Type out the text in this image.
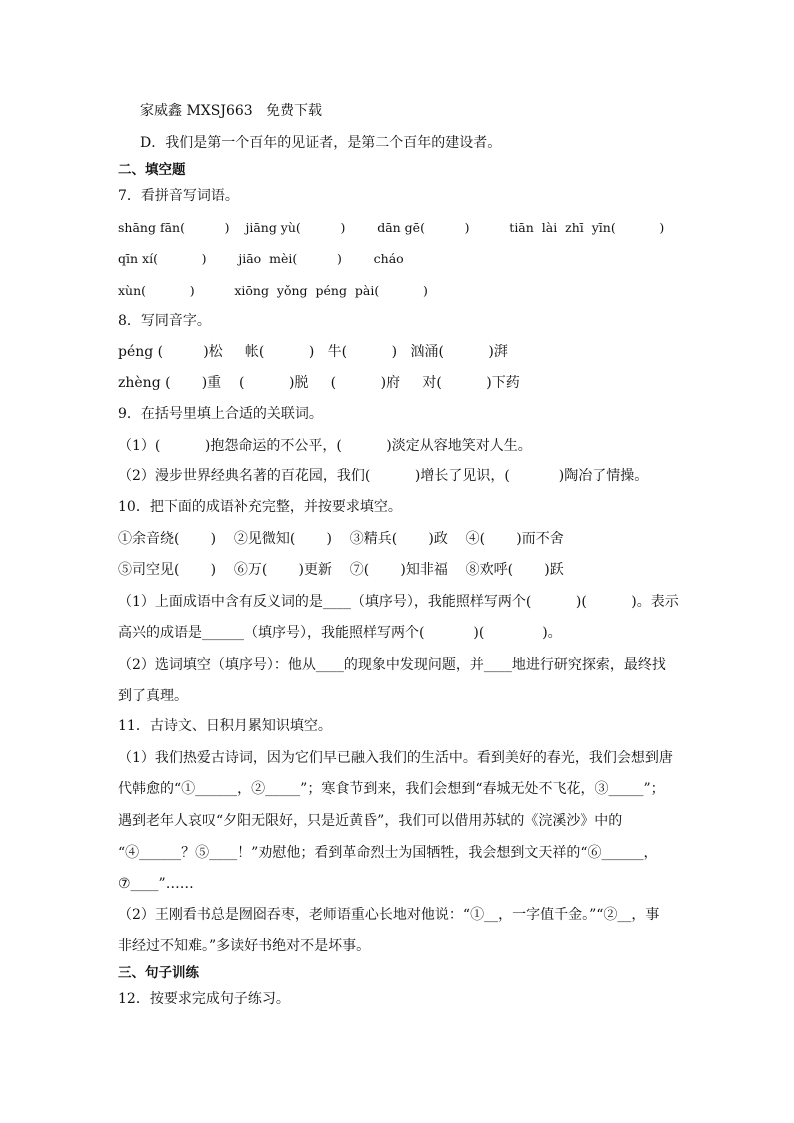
家威鑫 MXSJ663   免费下载
D．我们是第一个百年的见证者，是第二个百年的建设者。
二、填空题
7．看拼音写词语。
shāng fān(          )    jiāng yù(          )        dān gē(          )          tiān  lài  zhī  yīn(           )
qīn xí(           )        jiāo  mèi(          )        cháo
xùn(           )          xiōng  yǒng  péng  pài(           )
8．写同音字。
péng (         )松     帐(          )   牛(          )   汹涌(          )湃
zhèng (       )重    (          )脱     (          )府     对(          )下药
9．在括号里填上合适的关联词。
（1）(          )抱怨命运的不公平，(          )淡定从容地笑对人生。
（2）漫步世界经典名著的百花园，我们(          )增长了见识，(           )陶冶了情操。
10．把下面的成语补充完整，并按要求填空。
①余音绕(       )    ②见微知(       )    ③精兵(       )政    ④(       )而不舍
⑤司空见(       )    ⑥万(       )更新    ⑦(       )知非福    ⑧欢呼(       )跃
（1）上面成语中含有反义词的是____（填序号），我能照样写两个(          )(          )。表示
高兴的成语是______（填序号），我能照样写两个(           )(             )。
（2）选词填空（填序号）：他从____的现象中发现问题，并____地进行研究探索，最终找
到了真理。
11．古诗文、日积月累知识填空。
（1）我们热爱古诗词，因为它们早已融入我们的生活中。看到美好的春光，我们会想到唐
代韩愈的“①______，②_____”；寒食节到来，我们会想到“春城无处不飞花，③_____”；
遇到老年人哀叹“夕阳无限好，只是近黄昏”，我们可以借用苏轼的《浣溪沙》中的
“④______？⑤____！”劝慰他；看到革命烈士为国牺牲，我会想到文天祥的“⑥______，
⑦____”……
（2）王刚看书总是囫囵吞枣，老师语重心长地对他说：“①__，一字值千金。”“②__，事
非经过不知难。”多读好书绝对不是坏事。
三、句子训练
12．按要求完成句子练习。
